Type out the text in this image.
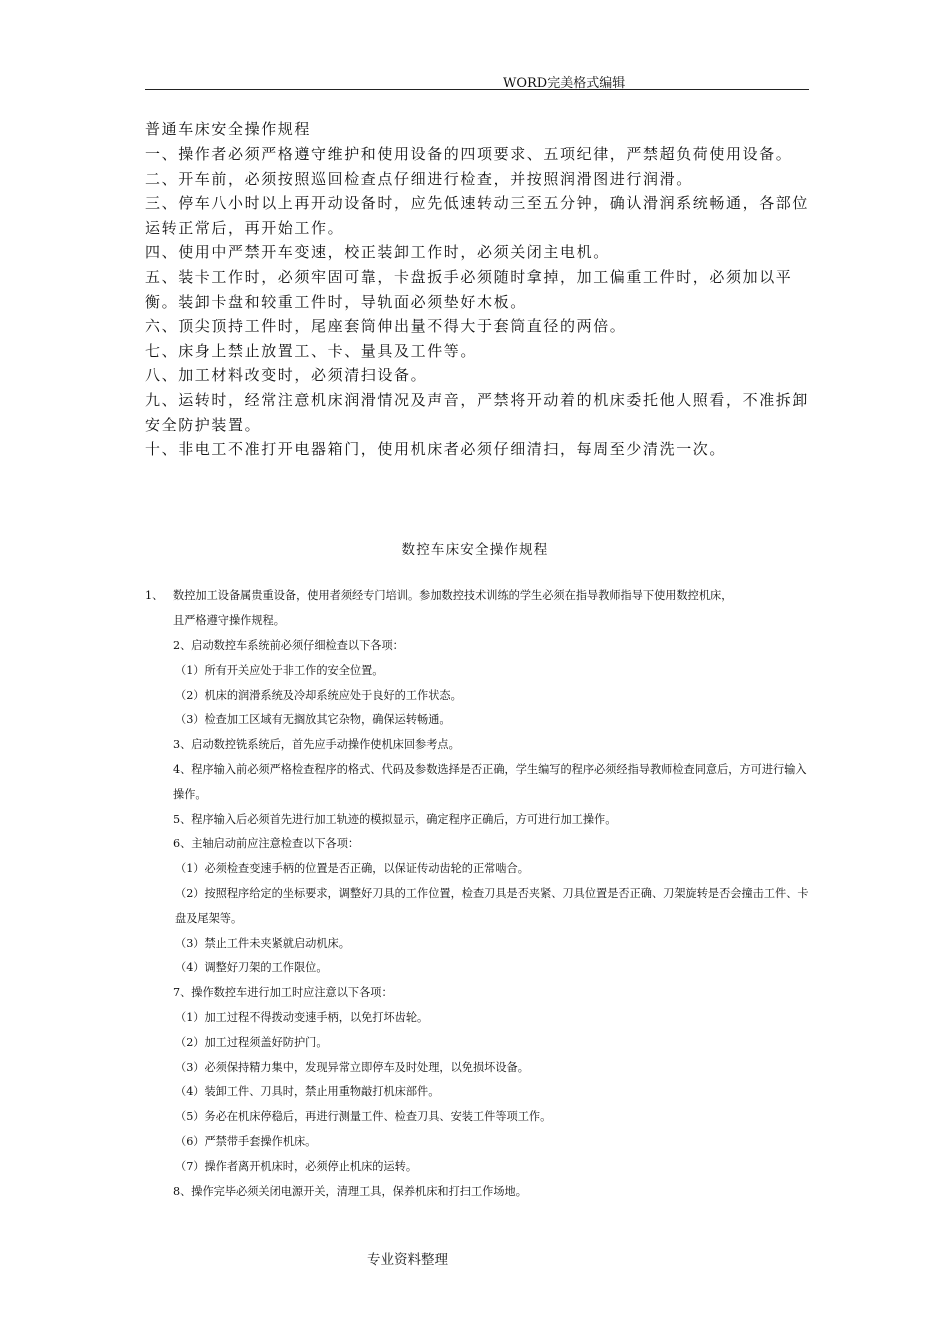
WORD完美格式编辑
普通车床安全操作规程
一、操作者必须严格遵守维护和使用设备的四项要求、五项纪律，严禁超负荷使用设备。
二、开车前，必须按照巡回检查点仔细进行检查，并按照润滑图进行润滑。
三、停车八小时以上再开动设备时，应先低速转动三至五分钟，确认滑润系统畅通，各部位运转正常后，再开始工作。
四、使用中严禁开车变速，校正装卸工作时，必须关闭主电机。
五、装卡工作时，必须牢固可靠，卡盘扳手必须随时拿掉，加工偏重工件时，必须加以平衡。装卸卡盘和较重工件时，导轨面必须垫好木板。
六、顶尖顶持工件时，尾座套筒伸出量不得大于套筒直径的两倍。
七、床身上禁止放置工、卡、量具及工件等。
八、加工材料改变时，必须清扫设备。
九、运转时，经常注意机床润滑情况及声音，严禁将开动着的机床委托他人照看，不准拆卸安全防护装置。
十、非电工不准打开电器箱门，使用机床者必须仔细清扫，每周至少清洗一次。
数控车床安全操作规程
1、 数控加工设备属贵重设备，使用者须经专门培训。参加数控技术训练的学生必须在指导教师指导下使用数控机床，
且严格遵守操作规程。
2、启动数控车系统前必须仔细检查以下各项：
（1）所有开关应处于非工作的安全位置。
（2）机床的润滑系统及冷却系统应处于良好的工作状态。
（3）检查加工区域有无搁放其它杂物，确保运转畅通。
3、启动数控铣系统后，首先应手动操作使机床回参考点。
4、程序输入前必须严格检查程序的格式、代码及参数选择是否正确，学生编写的程序必须经指导教师检查同意后，方可进行输入操作。
5、程序输入后必须首先进行加工轨迹的模拟显示，确定程序正确后，方可进行加工操作。
6、主轴启动前应注意检查以下各项：
（1）必须检查变速手柄的位置是否正确，以保证传动齿轮的正常啮合。
（2）按照程序给定的坐标要求，调整好刀具的工作位置，检查刀具是否夹紧、刀具位置是否正确、刀架旋转是否会撞击工件、卡盘及尾架等。
（3）禁止工件未夹紧就启动机床。
（4）调整好刀架的工作限位。
7、操作数控车进行加工时应注意以下各项：
（1）加工过程不得拨动变速手柄，以免打坏齿轮。
（2）加工过程须盖好防护门。
（3）必须保持精力集中，发现异常立即停车及时处理，以免损坏设备。
（4）装卸工件、刀具时，禁止用重物敲打机床部件。
（5）务必在机床停稳后，再进行测量工件、检查刀具、安装工件等项工作。
（6）严禁带手套操作机床。
（7）操作者离开机床时，必须停止机床的运转。
8、操作完毕必须关闭电源开关，清理工具，保养机床和打扫工作场地。
专业资料整理
